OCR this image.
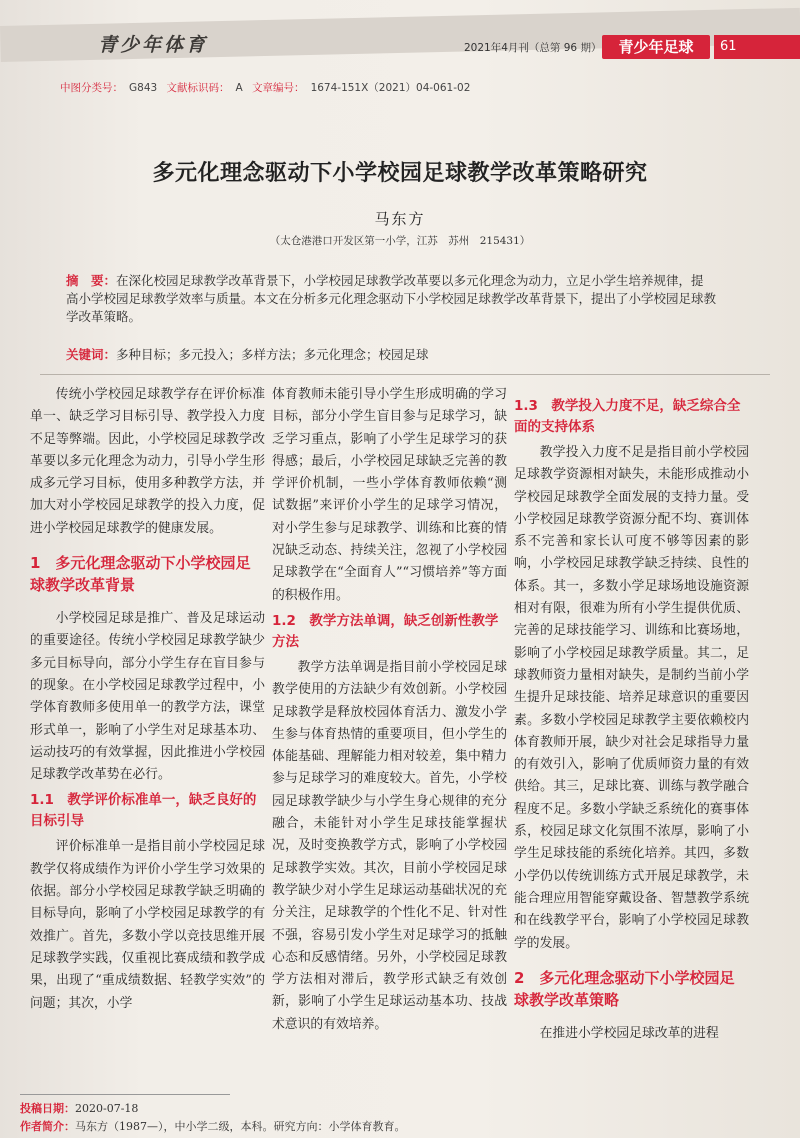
青少年体育	2021年4月刊（总第 96 期）	青少年足球	61
中图分类号： G843 文献标识码： A 文章编号： 1674-151X（2021）04-061-02
多元化理念驱动下小学校园足球教学改革策略研究
马东方
（太仓港港口开发区第一小学，江苏　苏州　215431）
摘　要：在深化校园足球教学改革背景下，小学校园足球教学改革要以多元化理念为动力，立足小学生培养规律，提高小学校园足球教学效率与质量。本文在分析多元化理念驱动下小学校园足球教学改革背景下，提出了小学校园足球教学改革策略。
关键词：多种目标；多元投入；多样方法；多元化理念；校园足球

传统小学校园足球教学存在评价标准单一、缺乏学习目标引导、教学投入力度不足等弊端。因此，小学校园足球教学改革要以多元化理念为动力，引导小学生形成多元学习目标，使用多种教学方法，并加大对小学校园足球教学的投入力度，促进小学校园足球教学的健康发展。

1　多元化理念驱动下小学校园足球教学改革背景

小学校园足球是推广、普及足球运动的重要途径。传统小学校园足球教学缺少多元目标导向，部分小学生存在盲目参与的现象。在小学校园足球教学过程中，小学体育教师多使用单一的教学方法，课堂形式单一，影响了小学生对足球基本功、运动技巧的有效掌握，因此推进小学校园足球教学改革势在必行。

1.1　教学评价标准单一，缺乏良好的目标引导

评价标准单一是指目前小学校园足球教学仅将成绩作为评价小学生学习效果的依据。部分小学校园足球教学缺乏明确的目标导向，影响了小学校园足球教学的有效推广。首先，多数小学以竞技思维开展足球教学实践，仅重视比赛成绩和教学成果，出现了“重成绩数据、轻教学实效”的问题；其次，小学

体育教师未能引导小学生形成明确的学习目标，部分小学生盲目参与足球学习，缺乏学习重点，影响了小学生足球学习的获得感；最后，小学校园足球缺乏完善的教学评价机制，一些小学体育教师依赖“测试数据”来评价小学生的足球学习情况，对小学生参与足球教学、训练和比赛的情况缺乏动态、持续关注，忽视了小学校园足球教学在“全面育人”“习惯培养”等方面的积极作用。

1.2　教学方法单调，缺乏创新性教学方法

教学方法单调是指目前小学校园足球教学使用的方法缺少有效创新。小学校园足球教学是释放校园体育活力、激发小学生参与体育热情的重要项目，但小学生的体能基础、理解能力相对较差，集中精力参与足球学习的难度较大。首先，小学校园足球教学缺少与小学生身心规律的充分融合，未能针对小学生足球技能掌握状况，及时变换教学方式，影响了小学校园足球教学实效。其次，目前小学校园足球教学缺少对小学生足球运动基础状况的充分关注，足球教学的个性化不足、针对性不强，容易引发小学生对足球学习的抵触心态和反感情绪。另外，小学校园足球教学方法相对滞后，教学形式缺乏有效创新，影响了小学生足球运动基本功、技战术意识的有效培养。

1.3　教学投入力度不足，缺乏综合全面的支持体系

教学投入力度不足是指目前小学校园足球教学资源相对缺失，未能形成推动小学校园足球教学全面发展的支持力量。受小学校园足球教学资源分配不均、赛训体系不完善和家长认可度不够等因素的影响，小学校园足球教学缺乏持续、良性的体系。其一，多数小学足球场地设施资源相对有限，很难为所有小学生提供优质、完善的足球技能学习、训练和比赛场地，影响了小学校园足球教学质量。其二，足球教师资力量相对缺失，是制约当前小学生提升足球技能、培养足球意识的重要因素。多数小学校园足球教学主要依赖校内体育教师开展，缺少对社会足球指导力量的有效引入，影响了优质师资力量的有效供给。其三，足球比赛、训练与教学融合程度不足。多数小学缺乏系统化的赛事体系，校园足球文化氛围不浓厚，影响了小学生足球技能的系统化培养。其四，多数小学仍以传统训练方式开展足球教学，未能合理应用智能穿戴设备、智慧教学系统和在线教学平台，影响了小学校园足球教学的发展。

2　多元化理念驱动下小学校园足球教学改革策略

在推进小学校园足球改革的进程

投稿日期：2020-07-18
作者简介：马东方（1987—），中小学二级，本科。研究方向：小学体育教育。
